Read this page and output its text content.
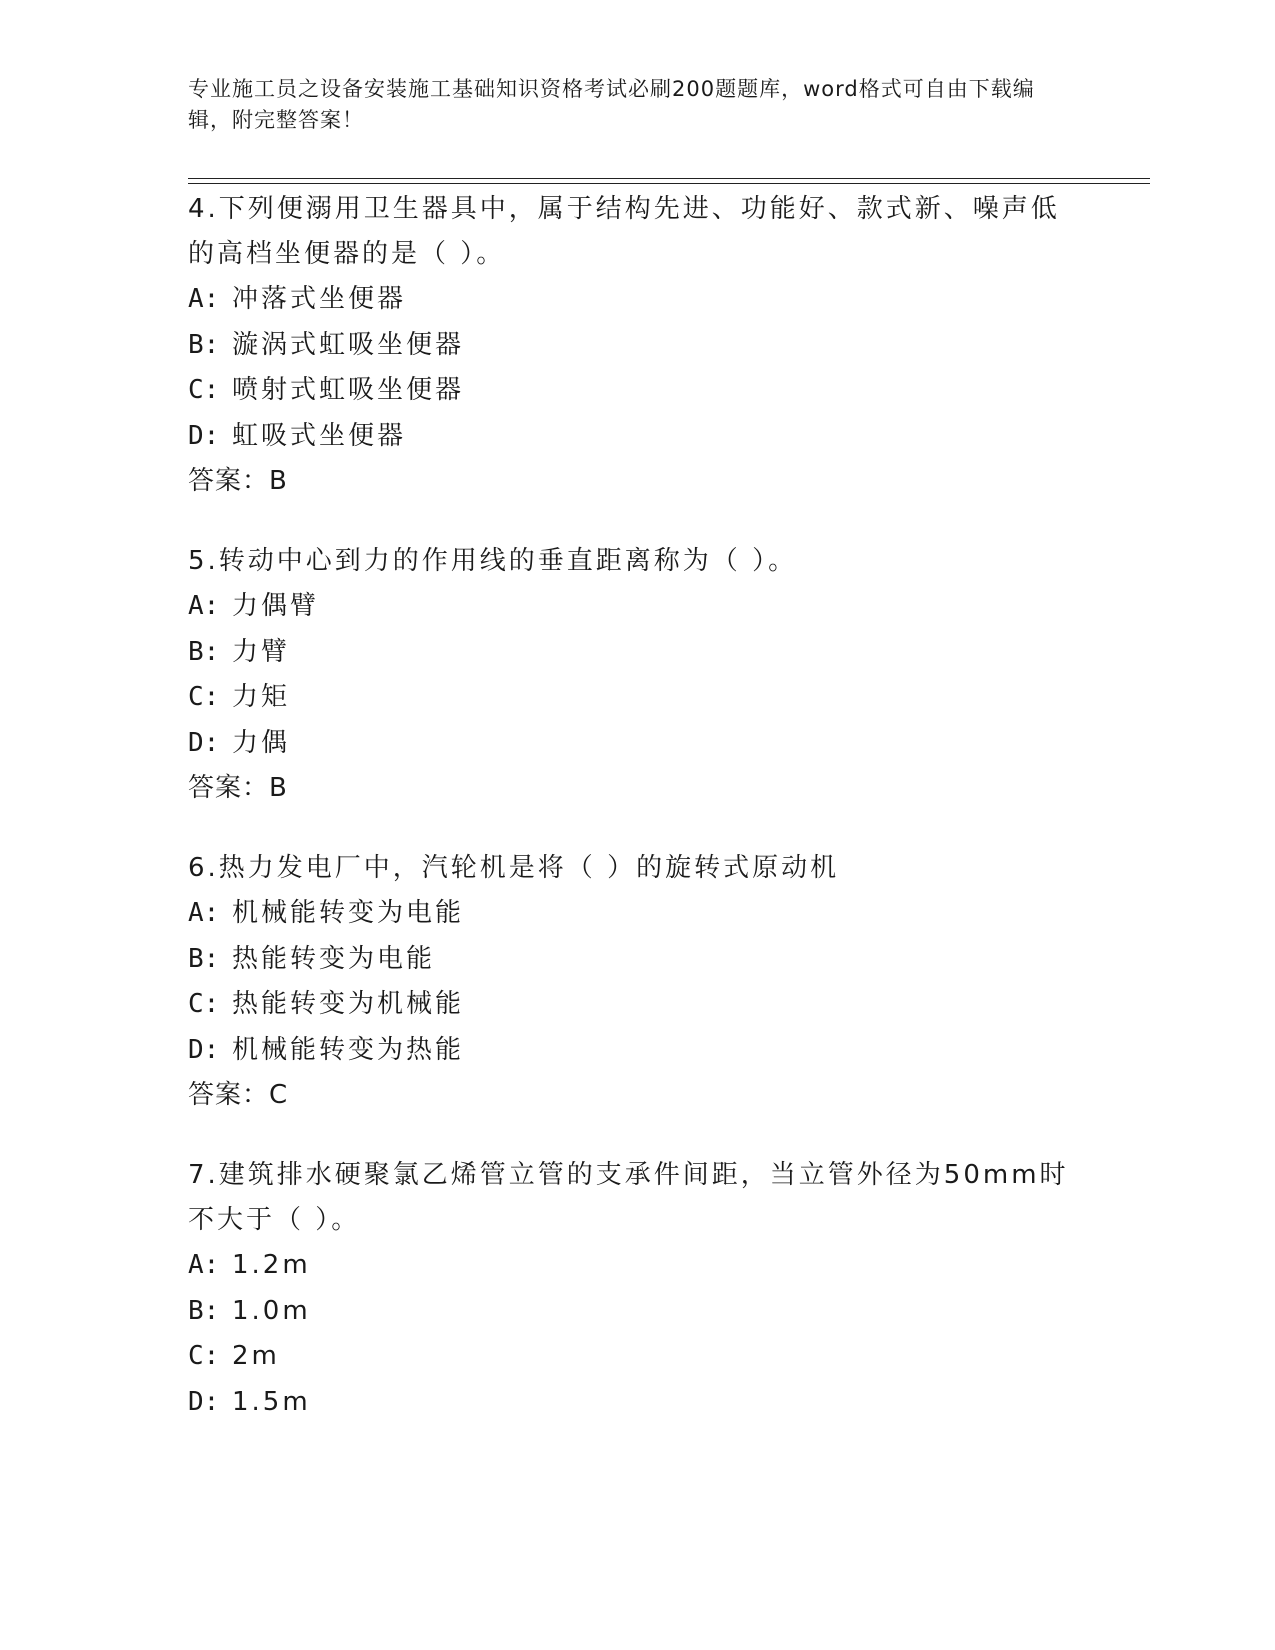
专业施工员之设备安装施工基础知识资格考试必刷200题题库，word格式可自由下载编辑，附完整答案！

4.下列便溺用卫生器具中，属于结构先进、功能好、款式新、噪声低的高档坐便器的是（ ）。

A: 冲落式坐便器

B: 漩涡式虹吸坐便器

C: 喷射式虹吸坐便器

D: 虹吸式坐便器

答案：B

5.转动中心到力的作用线的垂直距离称为（ ）。

A: 力偶臂

B: 力臂

C: 力矩

D: 力偶

答案：B

6.热力发电厂中，汽轮机是将（ ）的旋转式原动机

A: 机械能转变为电能

B: 热能转变为电能

C: 热能转变为机械能

D: 机械能转变为热能

答案：C

7.建筑排水硬聚氯乙烯管立管的支承件间距，当立管外径为50mm时不大于（ ）。

A: 1.2m

B: 1.0m

C: 2m

D: 1.5m
